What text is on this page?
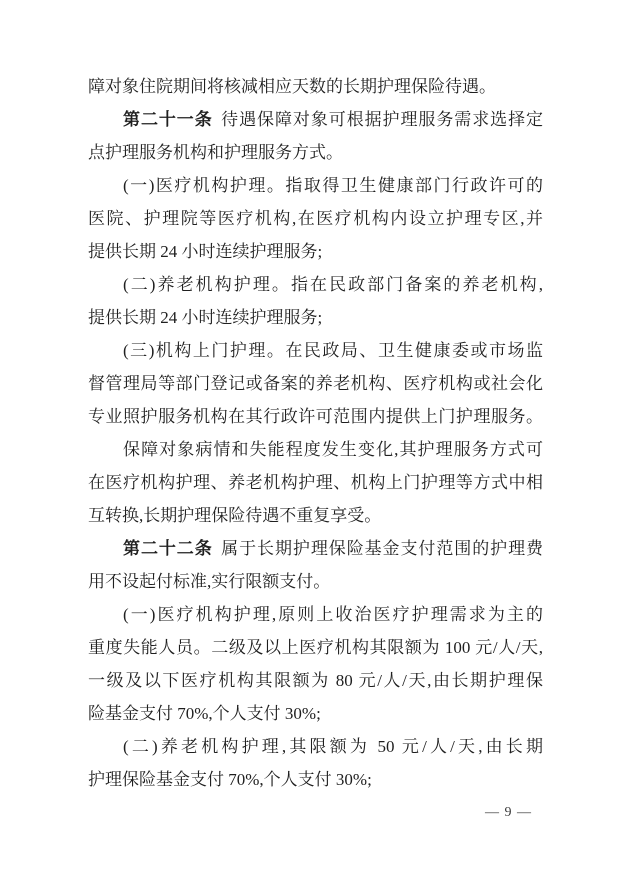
障对象住院期间将核减相应天数的长期护理保险待遇。
第二十一条 待遇保障对象可根据护理服务需求选择定
点护理服务机构和护理服务方式。
(一)医疗机构护理。指取得卫生健康部门行政许可的
医院、护理院等医疗机构,在医疗机构内设立护理专区,并
提供长期 24 小时连续护理服务;
(二)养老机构护理。指在民政部门备案的养老机构,
提供长期 24 小时连续护理服务;
(三)机构上门护理。在民政局、卫生健康委或市场监
督管理局等部门登记或备案的养老机构、医疗机构或社会化
专业照护服务机构在其行政许可范围内提供上门护理服务。
保障对象病情和失能程度发生变化,其护理服务方式可
在医疗机构护理、养老机构护理、机构上门护理等方式中相
互转换,长期护理保险待遇不重复享受。
第二十二条 属于长期护理保险基金支付范围的护理费
用不设起付标准,实行限额支付。
(一)医疗机构护理,原则上收治医疗护理需求为主的
重度失能人员。二级及以上医疗机构其限额为 100 元/人/天,
一级及以下医疗机构其限额为 80 元/人/天,由长期护理保
险基金支付 70%,个人支付 30%;
(二)养老机构护理,其限额为 50 元/人/天,由长期
护理保险基金支付 70%,个人支付 30%;
— 9 —
